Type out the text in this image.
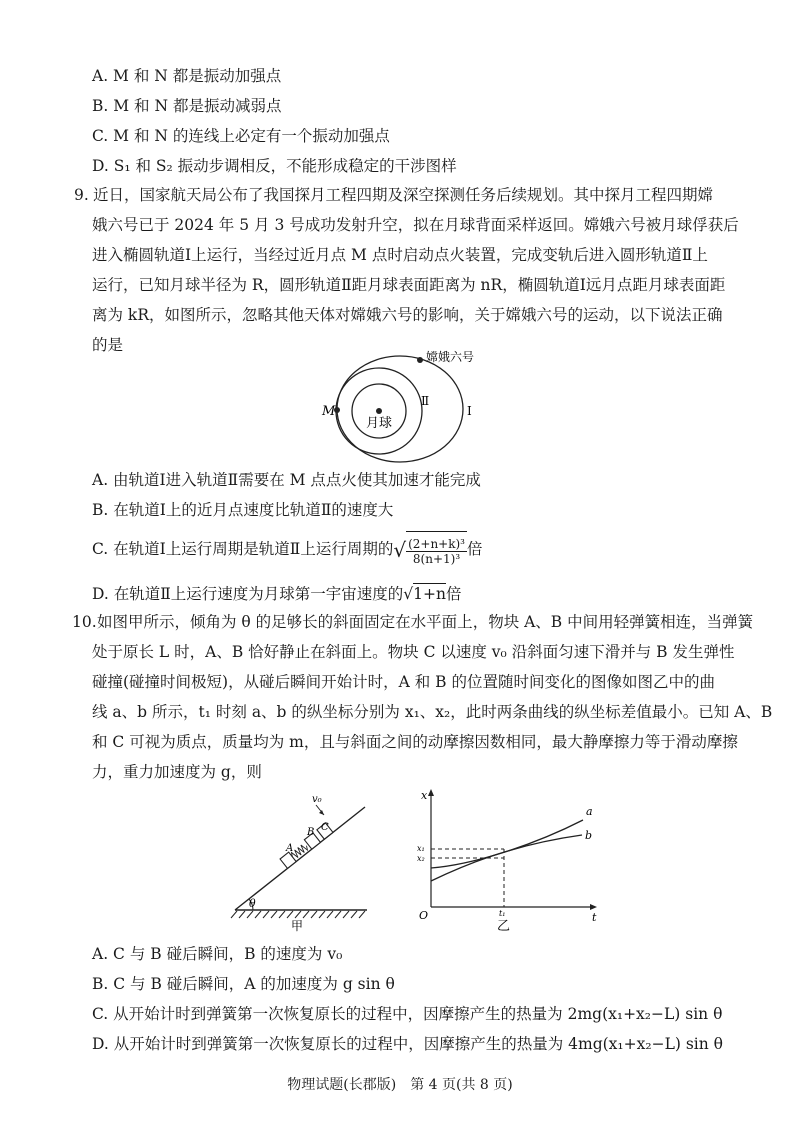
A. M 和 N 都是振动加强点
B. M 和 N 都是振动减弱点
C. M 和 N 的连线上必定有一个振动加强点
D. S₁ 和 S₂ 振动步调相反，不能形成稳定的干涉图样
9. 近日，国家航天局公布了我国探月工程四期及深空探测任务后续规划。其中探月工程四期嫦
娥六号已于 2024 年 5 月 3 号成功发射升空，拟在月球背面采样返回。嫦娥六号被月球俘获后
进入椭圆轨道Ⅰ上运行，当经过近月点 M 点时启动点火装置，完成变轨后进入圆形轨道Ⅱ上
运行，已知月球半径为 R，圆形轨道Ⅱ距月球表面距离为 nR，椭圆轨道Ⅰ远月点距月球表面距
离为 kR，如图所示，忽略其他天体对嫦娥六号的影响，关于嫦娥六号的运动，以下说法正确
的是
嫦娥六号
月球
M
Ⅱ
Ⅰ
A. 由轨道Ⅰ进入轨道Ⅱ需要在 M 点点火使其加速才能完成
B. 在轨道Ⅰ上的近月点速度比轨道Ⅱ的速度大
C. 在轨道Ⅰ上运行周期是轨道Ⅱ上运行周期的√ $\frac{\text{(2+n+k)³}}{\text{8(n+1)³}}$ 倍
D. 在轨道Ⅱ上运行速度为月球第一宇宙速度的√1+n倍
10. 如图甲所示，倾角为 θ 的足够长的斜面固定在水平面上，物块 A、B 中间用轻弹簧相连，当弹簧
处于原长 L 时，A、B 恰好静止在斜面上。物块 C 以速度 v₀ 沿斜面匀速下滑并与 B 发生弹性
碰撞(碰撞时间极短)，从碰后瞬间开始计时，A 和 B 的位置随时间变化的图像如图乙中的曲
线 a、b 所示，t₁ 时刻 a、b 的纵坐标分别为 x₁、x₂，此时两条曲线的纵坐标差值最小。已知 A、B
和 C 可视为质点，质量均为 m，且与斜面之间的动摩擦因数相同，最大静摩擦力等于滑动摩擦
力，重力加速度为 g，则
θ
A
B C
v₀
甲
x
t
O
a
b
x₁
x₂
t₁
乙
A. C 与 B 碰后瞬间，B 的速度为 v₀
B. C 与 B 碰后瞬间，A 的加速度为 g sin θ
C. 从开始计时到弹簧第一次恢复原长的过程中，因摩擦产生的热量为 2mg(x₁+x₂−L) sin θ
D. 从开始计时到弹簧第一次恢复原长的过程中，因摩擦产生的热量为 4mg(x₁+x₂−L) sin θ
物理试题(长郡版)　第 4 页(共 8 页)
